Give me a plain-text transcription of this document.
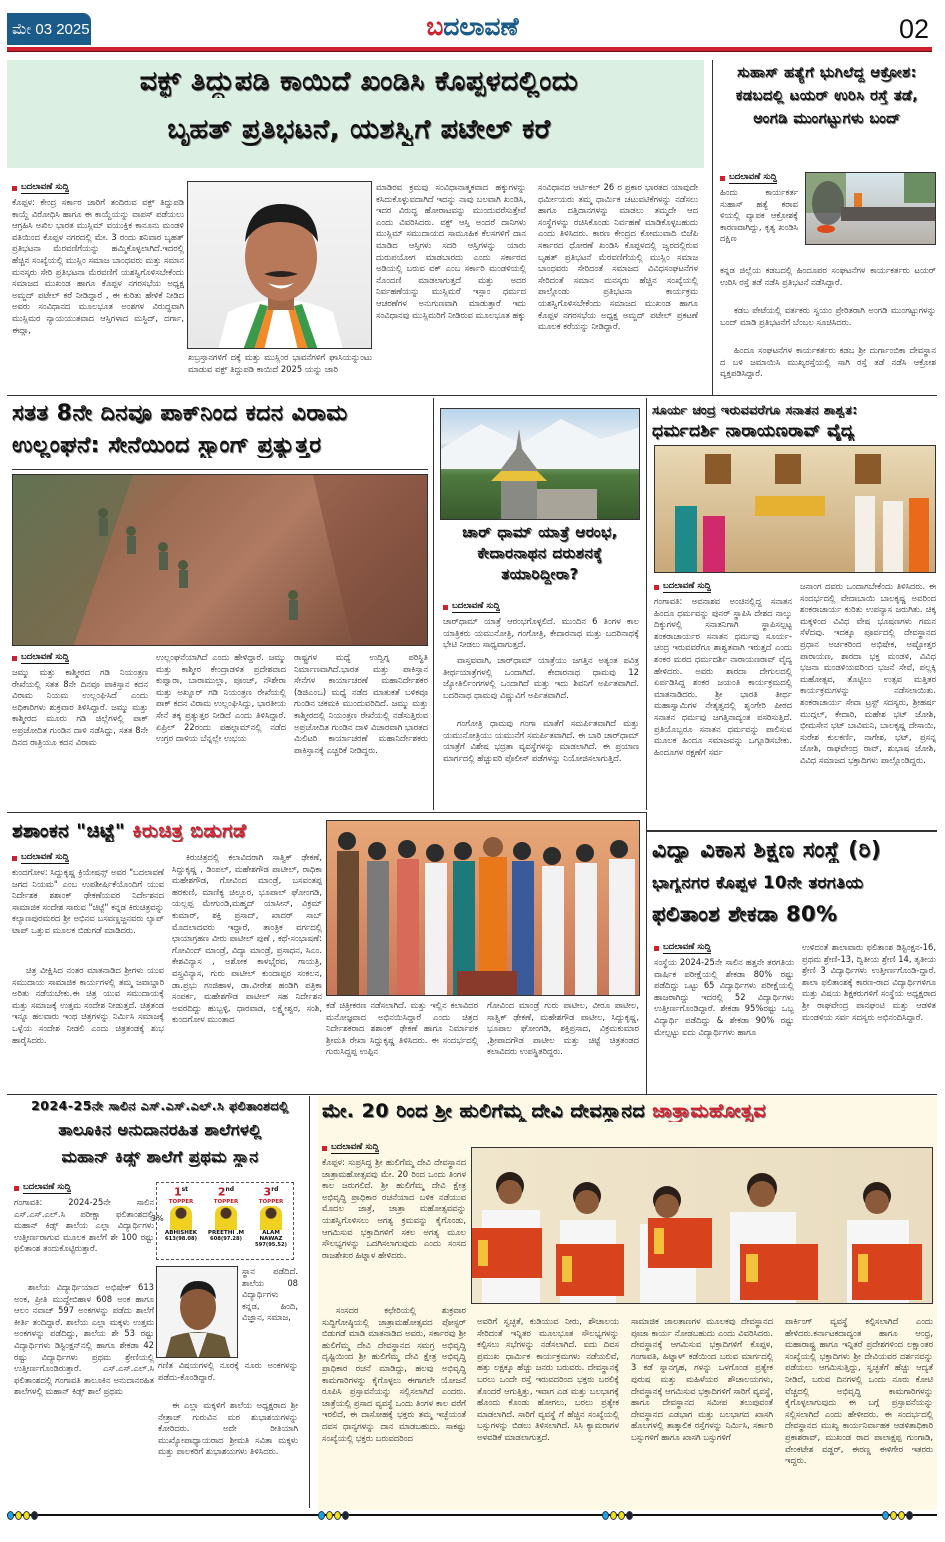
ಮೇ 03 2025	ಬದಲಾವಣೆ	02
ವಕ್ಫ್ ತಿದ್ದುಪಡಿ ಕಾಯಿದೆ ಖಂಡಿಸಿ ಕೊಪ್ಪಳದಲ್ಲಿಂದು
ಬೃಹತ್ ಪ್ರತಿಭಟನೆ, ಯಶಸ್ವಿಗೆ ಪಟೇಲ್ ಕರೆ
ಬದಲಾವಣೆ ಸುದ್ದಿ
ಕೊಪ್ಪಳ: ಕೇಂದ್ರ ಸರ್ಕಾರ ಜಾರಿಗೆ ತಂದಿರುವ ವಕ್ಫ್ ತಿದ್ದುಪಡಿ ಕಾಯ್ದೆ ವಿರೋಧಿಸಿ ಹಾಗೂ ಈ ಕಾಯ್ದೆಯನ್ನು ವಾಪಸ್ ಪಡೆಯಲು ಆಗ್ರಹಿಸಿ ಅಖಿಲ ಭಾರತ ಮುಸ್ಲಿಮ್ ವಯುಕ್ತಿಕ ಕಾನೂನು ಮಂಡಳಿ ವತಿಯಿಂದ ಕೊಪ್ಪಳ ನಗರದಲ್ಲಿ ಮೇ. 3 ರಂದು ಶನಿವಾರ ಬೃಹತ್ ಪ್ರತಿಭಟನಾ ಮೆರವಣಿಗೆಯನ್ನು ಹಮ್ಮಿಕೊಳ್ಳಲಾಗಿದೆ.ಇದರಲ್ಲಿ ಹೆಚ್ಚಿನ ಸಂಖ್ಯೆಯಲ್ಲಿ ಮುಸ್ಲಿಂ ಸಮಾಜ ಬಾಂಧವರು ಮತ್ತು ಸಮಾನ ಮನಸ್ಕರು ಸೇರಿ ಪ್ರತಿಭಟನಾ ಮೆರವಣಿಗೆ ಯಶಸ್ವಿಗೊಳಿಸಬೇಕೆಂದು ಸಮಾಜದ ಮುಖಂಡ ಹಾಗೂ ಕೊಪ್ಪಳ ನಗರಸಭೆಯ ಅಧ್ಯಕ್ಷ ಅಮ್ಜದ್ ಪಟೇಲ್ ಕರೆ ನೀಡಿದ್ದಾರೆ , ಈ ಕುರಿತು ಹೇಳಿಕೆ ನೀಡಿದ ಅವರು ಸಂವಿಧಾನದ ಮೂಲಭೂತ ಅಂಶಗಳ ವಿರುದ್ಧವಾಗಿ ಮುಸ್ಲಿಮರ ನ್ಯಾಯಯುತವಾದ ಆಸ್ತಿಗಳಾದ ಮಸ್ಜಿದ್, ದರ್ಗಾ, ಈದ್ಗಾ,
ಖಬ್ರಸ್ತಾನಗಳಿಗೆ ದಕ್ಕೆ ಮತ್ತು ಮುಸ್ಲಿಂರ ಭಾವನೆಗಳಿಗೆ ಘಾಸಿಯನ್ನುಂಟು ಮಾಡುವ ವಕ್ಫ್ ತಿದ್ದುಪಡಿ ಕಾಯಿದೆ 2025 ಯನ್ನು ಜಾರಿ
ಮಾಡಿರವ ಕ್ರಮವು ಸಂವಿಧಾನಾತ್ಮಕವಾದ ಹಕ್ಕುಗಳನ್ನು ಕಸಿದುಕೊಳ್ಳುವದಾಗಿದೆ ಇದನ್ನು ನಾವು ಬಲವಾಗಿ ಖಂಡಿಸಿ, ಇದರ ವಿರುದ್ಧ ಹೋರಾಟವನ್ನು ಮುಂದುವರೆಸುತ್ತೇವೆ ಎಂದು ವಿವರಿಸಿದರು. ವಕ್ಫ್ ಆಸ್ತಿ ಅಂದರೆ ದಾನಿಗಳು ಮುಸ್ಲಿಮ್ ಸಮುದಾಯದ ಸಾಮೂಹಿಕ ಕೆಲಸಗಳಿಗೆ ದಾನ ಮಾಡಿದ ಆಸ್ತಿಗಳು ಸದರಿ ಆಸ್ತಿಗಳನ್ನು ಯಾರು ದುರುಪಯೋಗ ಮಾಡಬಾರದು ಎಂದು ಸರ್ಕಾರದ ಅಡಿಯಲ್ಲಿ ಬರುವ ವಕ್ ಎಂಬ ಸರ್ಕಾರಿ ಮಂಡಳಿಯಲ್ಲಿ ನೊಂದಣಿ ಮಾಡಲಾಗುತ್ತದೆ ಮತ್ತು ಅದರ ನಿರ್ವಹಣೆಯನ್ನು ಮುಸ್ಲಿಮರೆ ಇಸ್ಲಾಂ ಧರ್ಮದ ಆಚರಣೆಗಳ ಅನುಗುಣವಾಗಿ ಮಾಡುತ್ತಾರೆ ಇದು ಸಂವಿಧಾನವು ಮುಸ್ಲಿಮರಿಗೆ ನೀಡಿರುವ ಮೂಲಭೂತ ಹಕ್ಕು
ಸಂವಿಧಾನದ ಆರ್ಟಿಕಲ್ 26 ರ ಪ್ರಕಾರ ಭಾರತದ ಯಾವುದೇ ಧರ್ಮೀಯರು ತಮ್ಮ ಧಾರ್ಮಿಕ ಚಟುವಟಿಕೆಗಳನ್ನು ನಡೆಸಲು ಹಾಗೂ ದತ್ತಿದಾನಗಳನ್ನು ಮಾಡಲು ತಮ್ಮದೇ ಆದ ಸಂಸ್ಥೆಗಳನ್ನು ರಚಿಸಿಕೊಂಡು ನಿರ್ವಹಣೆ ಮಾಡಿಕೊಳ್ಳಬಹುದು ಎಂದು ತಿಳಿಸಿದರು. ಕಾರಣ ಕೇಂದ್ರದ ಕೋಮುವಾದಿ ಬಿಜೆಪಿ ಸರ್ಕಾರದ ಧೋರಣೆ ಖಂಡಿಸಿ ಕೊಪ್ಪಳದಲ್ಲಿ ಜ್ವರದಲ್ಲಿರುವ ಬೃಹತ್ ಪ್ರತಿಭಟನೆ ಮೆರವಣಿಗೆಯಲ್ಲಿ ಮುಸ್ಲಿಂ ಸಮಾಜ ಬಾಂಧವರು ಸೇರಿದಂತೆ ಸಮಾಜದ ವಿವಿಧಸಂಘಟನೆಗಳ ಸೇರಿದಂತೆ ಸಮಾನ ಮನಸ್ಕರು ಹೆಚ್ಚಿನ ಸಂಖ್ಯೆಯಲ್ಲಿ ಪಾಲ್ಗೊಂಡು ಪ್ರತಿಭಟನಾ ಕಾರ್ಯಕ್ರಮ ಯಶಸ್ವಿಗೊಳಿಸಬೇಕೆಂದು ಸಮಾಜದ ಮುಖಂಡ ಹಾಗೂ ಕೊಪ್ಪಳ ನಗರಸಭೆಯ ಅಧ್ಯಕ್ಷ ಅಮ್ಜದ್ ಪಟೇಲ್ ಪ್ರಕಟಣೆ ಮೂಲಕ ಕರೆಯನ್ನು ನೀಡಿದ್ದಾರೆ.
ಸುಹಾಸ್ ಹತ್ಯೆಗೆ ಭುಗಿಲೆದ್ದ ಆಕ್ರೋಶ: ಕಡಬದಲ್ಲಿ ಟಯರ್ ಉರಿಸಿ ರಸ್ತೆ ತಡೆ, ಅಂಗಡಿ ಮುಂಗಟ್ಟುಗಳು ಬಂದ್
ಬದಲಾವಣೆ ಸುದ್ದಿ
ಹಿಂದು ಕಾರ್ಯಕರ್ತ ಸುಹಾಸ್ ಹತ್ಯೆ ಕರಾವ ಳಿಯಲ್ಲಿ ವ್ಯಾಪಕ ಆಕ್ರೋಶಕ್ಕೆ ಕಾರಣವಾಗಿದ್ದು, ಕೃತ್ಯ ಖಂಡಿಸಿ ದಕ್ಷಿಣ
ಕನ್ನಡ ಜಿಲ್ಲೆಯ ಕಡಬದಲ್ಲಿ ಹಿಂದೂಪರ ಸಂಘಟನೆಗಳ ಕಾರ್ಯಕರ್ತರು ಟಯರ್ ಉರಿಸಿ ರಸ್ತೆ ತಡೆ ನಡೆಸಿ ಪ್ರತಿಭಟನೆ ನಡೆಸಿದ್ದಾರೆ.
ಕಡಬ ಪೇಟೆಯಲ್ಲಿ ವರ್ತಕರು ಸ್ವಯಂ ಪ್ರೇರಿತರಾಗಿ ಅಂಗಡಿ ಮುಂಗಟ್ಟುಗಳನ್ನು ಬಂದ್ ಮಾಡಿ ಪ್ರತಿಭಟನೆಗೆ ಬೆಂಬಲ ಸೂಚಿಸಿದರು.
ಹಿಂದೂ ಸಂಘಟನೆಗಳ ಕಾರ್ಯಕರ್ತರು ಕಡಬ ಶ್ರೀ ದುರ್ಗಾಂಬಿಕಾ ದೇವಸ್ಥಾನ ದ ಬಳಿ ಜಮಾಯಿಸಿ ಮುಖ್ಯರಸ್ತೆಯಲ್ಲಿ ಸಾಗಿ ರಸ್ತೆ ತಡೆ ನಡೆಸಿ ಆಕ್ರೋಶ ವ್ಯಕ್ತಪಡಿಸಿದ್ದಾರೆ.
ಸತತ 8ನೇ ದಿನವೂ ಪಾಕ್‌ನಿಂದ ಕದನ ವಿರಾಮ
ಉಲ್ಲಂಘನೆ: ಸೇನೆಯಿಂದ ಸ್ಟ್ರಾಂಗ್ ಪ್ರತ್ಯುತ್ತರ
ಬದಲಾವಣೆ ಸುದ್ದಿ
ಜಮ್ಮು ಮತ್ತು ಕಾಶ್ಮೀರದ ಗಡಿ ನಿಯಂತ್ರಣ ರೇಖೆಯಲ್ಲಿ ಸತತ 8ನೇ ದಿನವೂ ಪಾಕಿಸ್ತಾನ ಕದನ ವಿರಾಮ ನಿಯಮ ಉಲ್ಲಂಘಿಸಿದೆ ಎಂದು ಅಧಿಕಾರಿಗಳು ಶುಕ್ರವಾರ ತಿಳಿಸಿದ್ದಾರೆ. ಜಮ್ಮು ಮತ್ತು ಕಾಶ್ಮೀರದ ಮೂರು ಗಡಿ ಜಿಲ್ಲೆಗಳಲ್ಲಿ ಪಾಕ್ ಅಪ್ರಚೋದಿತ ಗುಂಡಿನ ದಾಳಿ ನಡೆಸಿದ್ದು, ಸತತ 8ನೇ ದಿನದ ರಾತ್ರಿಯೂ ಕದನ ವಿರಾಮ
ಉಲ್ಲಂಘನೆಯಾಗಿದೆ ಎಂದು ಹೇಳಿದ್ದಾರೆ. ಜಮ್ಮು ಮತ್ತು ಕಾಶ್ಮೀರ ಕೇಂದ್ರಾಡಳಿತ ಪ್ರದೇಶವಾದ ಕುಪ್ವಾರಾ, ಬಾರಾಮುಲ್ಲಾ, ಪೂಂಚ್, ನೌಶೇರಾ ಮತ್ತು ಅಖ್ನೂರ್ ಗಡಿ ನಿಯಂತ್ರಣ ರೇಖೆಯಲ್ಲಿ ಪಾಕ್ ಕದನ ವಿರಾಮ ಉಲ್ಲಂಘಿಸಿದ್ದು, ಭಾರತೀಯ ಸೇನೆ ತಕ್ಕ ಪ್ರತ್ಯುತ್ತರ ನೀಡಿದೆ ಎಂದು ತಿಳಿಸಿದ್ದಾರೆ. ಏಪ್ರಿಲ್ 22ರಂದು ಪಹಲ್ಗಾಮ್‌ನಲ್ಲಿ ನಡೆದ ಉಗ್ರರ ದಾಳಿಯ ಬೆನ್ನಲ್ಲೇ ಉಭಯ
ರಾಷ್ಟ್ರಗಳ ಮಧ್ಯೆ ಉದ್ವಿಗ್ನ ಪರಿಸ್ಥಿತಿ ನಿರ್ಮಾಣವಾಗಿದೆ.ಭಾರತ ಮತ್ತು ಪಾಕಿಸ್ತಾನ ಸೇನೆಗಳ ಕಾರ್ಯಾಚರಣೆ ಮಹಾನಿರ್ದೇಶಕರ (ಡಿಜಿಎಂಒ) ಮಧ್ಯೆ ನಡೆದ ಮಾತುಕತೆ ಬಳಿಕವೂ ಗುಂಡಿನ ಚಕಮಕಿ ಮುಂದುವರಿದಿದೆ. ಜಮ್ಮು ಮತ್ತು ಕಾಶ್ಮೀರದಲ್ಲಿ ನಿಯಂತ್ರಣ ರೇಖೆಯಲ್ಲಿ ನಡೆಸುತ್ತಿರುವ ಅಪ್ರಚೋದಿತ ಗುಂಡಿನ ದಾಳಿ ವಿಚಾರವಾಗಿ ಭಾರತದ ಮಿಲಿಟರಿ ಕಾರ್ಯಾಚರಣೆ ಮಹಾನಿರ್ದೇಶಕರು ಪಾಕಿಸ್ತಾನಕ್ಕೆ ಎಚ್ಚರಿಕೆ ನೀಡಿದ್ದರು.
ಚಾರ್ ಧಾಮ್ ಯಾತ್ರೆ ಆರಂಭ, ಕೇದಾರನಾಥನ ದರುಶನಕ್ಕೆ ತಯಾರಿದ್ದೀರಾ?
ಬದಲಾವಣೆ ಸುದ್ದಿ
ಚಾರ್‌ಧಾಮ್ ಯಾತ್ರೆ ಆರಂಭಗೊಳ್ಳಲಿದೆ. ಮುಂದಿನ 6 ತಿಂಗಳ ಕಾಲ ಯಾತ್ರಿಕರು ಯಮುನೋತ್ರಿ, ಗಂಗೋತ್ರಿ, ಕೇದಾರನಾಥ ಮತ್ತು ಬದರಿನಾಥಕ್ಕೆ ಭೇಟಿ ನೀಡಲು ಸಾಧ್ಯವಾಗುತ್ತದೆ.
ವಾಸ್ತವವಾಗಿ, ಚಾರ್‌ಧಾಮ್ ಯಾತ್ರೆಯು ಜಗತ್ತಿನ ಅತ್ಯಂತ ಪವಿತ್ರ ತೀರ್ಥಯಾತ್ರೆಗಳಲ್ಲಿ ಒಂದಾಗಿದೆ. ಕೇದಾರನಾಥ ಧಾಮವು 12 ಜ್ಯೋತಿರ್ಲಿಂಗಗಳಲ್ಲಿ ಒಂದಾಗಿದೆ ಮತ್ತು ಇದು ಶಿವನಿಗೆ ಅರ್ಪಿತವಾಗಿದೆ. ಬದರಿನಾಥ ಧಾಮವು ವಿಷ್ಣುವಿಗೆ ಅರ್ಪಿತವಾಗಿದೆ.
ಗಂಗೋತ್ರಿ ಧಾಮವು ಗಂಗಾ ಮಾತೆಗೆ ಸಮರ್ಪಿತವಾಗಿದೆ ಮತ್ತು ಯಮುನೋತ್ರಿಯು ಯಮುನೆಗೆ ಸಮರ್ಪಿತವಾಗಿದೆ. ಈ ಬಾರಿ ಚಾರ್‌ಧಾಮ್ ಯಾತ್ರೆಗೆ ವಿಶೇಷ ಭದ್ರತಾ ವ್ಯವಸ್ಥೆಗಳನ್ನು ಮಾಡಲಾಗಿದೆ. ಈ ಪ್ರಯಾಣ ಮಾರ್ಗದಲ್ಲಿ ಹೆಚ್ಚುವರಿ ಪೊಲೀಸ್ ಪಡೆಗಳನ್ನು ನಿಯೋಜಿಸಲಾಗುತ್ತಿದೆ.
ಸೂರ್ಯ ಚಂದ್ರ ಇರುವವರೆಗೂ ಸನಾತನ ಶಾಶ್ವತ:
ಧರ್ಮದರ್ಶಿ ನಾರಾಯಣರಾವ್ ವೈದ್ಯ
ಬದಲಾವಣೆ ಸುದ್ದಿ
ಗಂಗಾವತಿ: ಅವನಾಶವ ಅಂಚಿನಲ್ಲಿದ್ದ ಸನಾತನ ಹಿಂದೂ ಧರ್ಮವನ್ನು ಪುನರ್ ಸ್ಥಾಪಿಸಿ ದೇಶದ ನಾಲ್ಕು ದಿಕ್ಕುಗಳಲ್ಲಿ ಸನಾತನಿಗಾಗಿ ಸ್ಥಾಪಿಸಲ್ಪಟ್ಟ ಶಂಕರಾಚಾರ್ಯರ ಸನಾತನ ಧರ್ಮವು ಸೂರ್ಯ-ಚಂದ್ರ ಇರುವವರೆಗೂ ಶಾಶ್ವತವಾಗಿ ಇರುತ್ತದೆ ಎಂದು ಶಂಕರ ಮಠದ ಧರ್ಮದರ್ಶಿ ನಾರಾಯಣರಾವ್ ವೈದ್ಯ ಹೇಳಿದರು. ಅವರು ಶಾರದಾ ದೇಗುಲದಲ್ಲಿ ಏರ್ಪಡಿಸಿದ್ದ ಶಂಕರ ಜಯಂತಿ ಕಾರ್ಯಕ್ರಮದಲ್ಲಿ ಮಾತನಾಡಿದರು. ಶ್ರೀ ಭಾರತಿ ತೀರ್ಥ ಮಹಾಸ್ವಾಮಿಗಳ ನೇತೃತ್ವದಲ್ಲಿ ಶೃಂಗೇರಿ ಪೀಠದ ಸನಾತನ ಧರ್ಮವು ಜಗತ್ತಿನಾದ್ಯಂತ ಪಸರಿಸುತ್ತಿದೆ. ಪ್ರತಿಯೊಬ್ಬರೂ ಸನಾತನ ಧರ್ಮವನ್ನು ಪಾಲಿಸುವ ಮೂಲಕ ಹಿಂದೂ ಸಮಾಜವನ್ನು ಒಗ್ಗೂಡಿಸಬೇಕು. ಹಿಂದೂಗಳ ರಕ್ಷಣೆಗೆ ಸರ್ವ
ಜನಾಂಗ ದವರು ಒಂದಾಗಬೇಕೆಂದು ತಿಳಿಸಿದರು. ಈ ಸಂದರ್ಭದಲ್ಲಿ ವೇದಾಬಾಯಿ ಬಾಲಕೃಷ್ಣ ಅವರಿಂದ ಶಂಕರಾಚಾರ್ಯ ಕುರಿತು ಉಪನ್ಯಾಸ ಜರುಗಿತು. ಚಿಕ್ಕ ಮಕ್ಕಳಿಂದ ವಿವಿಧ ವೇಷ ಭೂಷಣಗಳು ಗಮನ ಸೆಳೆದವು. ಇದಕ್ಕೂ ಪೂರ್ವದಲ್ಲಿ ದೇವಸ್ಥಾನದ ಪ್ರಧಾನ ಅರ್ಚಕರಿಂದ ಅಭಿಷೇಕ, ಅಷ್ಟೋತ್ತರ ಪಾರಾಯಣ, ಶಾರದಾ ಭಕ್ತ ಮಂಡಳಿ, ವಿವಿಧ ಭಜನಾ ಮಂಡಳಿಯವರಿಂದ ಭಜನೆ ಸೇವೆ, ಪಲ್ಲಕ್ಕಿ ಮಹೋತ್ಸವ, ತೊಟ್ಟಿಲು ಉತ್ಸವ ಮತ್ತಿತರ ಕಾರ್ಯಕ್ರಮಗಳನ್ನು ನಡೆಸಲಾಯಿತು. ಶಂಕರಾಚಾರ್ಯ ಸೇವಾ ಟ್ರಸ್ಟ್ ಸದಸ್ಯರು, ಶ್ರೀಹರ್ಷ ಮುದ್ಗಲ್, ಕೇದಾರಿ, ಮಹೇಶ ಭಟ್ ಜೋಶಿ, ಭೀಮಸೇನ ಭಟ್ ಬಾವಿಮನಿ, ಬಾಲಕೃಷ್ಣ ದೇಸಾಯಿ, ಸುರೇಶ ಕುಲಕರ್ಣಿ, ನಾಗೇಶ, ಭಟ್, ಪ್ರಸನ್ನ ಜೋಶಿ, ರಾಘವೇಂದ್ರ ರಾವ್, ಶುಭಾಷ ಜೋಶಿ, ವಿವಿಧ ಸಮಾಜದ ಭಕ್ತಾದಿಗಳು ಪಾಲ್ಗೊಂಡಿದ್ದರು.
ಶಶಾಂಕನ "ಚಿಟ್ಟೆ" ಕಿರುಚಿತ್ರ ಬಿಡುಗಡೆ
ಬದಲಾವಣೆ ಸುದ್ದಿ
ಕುಂದಗೋಳ: ಸಿದ್ದುಕೃಷ್ಣ ಕ್ರಿಯೇಷನ್ಸ್ ಅವರ "ಬದಲಾವಣೆ ಜಗದ ನಿಯಮ" ಎಂಬ ಉಪಶೀರ್ಷಿಕೆಯೊಂದಿಗೆ ಯುವ ನಿರ್ದೇಶಕ ಶಶಾಂಕ್ ಢೇಕಣೆಯವರ ನಿರ್ದೇಶನದ ಸಾಮಾಜಿಕ ಸಂದೇಶ ಸಾರುವ "ಚಿಟ್ಟೆ" ಕನ್ನಡ ಕಿರುಚಿತ್ರವನ್ನು ಕಲ್ಯಾಣಪುರಮಠದ ಶ್ರೀ ಅಭಿನವ ಬಸವಣ್ಣಜ್ಜನವರು ಲ್ಯಾಪ್ ಟಾಪ್ ಒತ್ತುವ ಮೂಲಕ ಬಿಡುಗಡೆ ಮಾಡಿದರು.
ಚಿತ್ರ ವೀಕ್ಷಿಸಿದ ನಂತರ ಮಾತನಾಡಿದ ಶ್ರೀಗಳು ಯುವ ಸಮುದಾಯ ಸಾಮಾಜಿಕ ಕಾರ್ಯಗಳಲ್ಲಿ ತಮ್ಮ ಜವಾಬ್ದಾರಿ ಅರಿತು ನಡೆಯಬೇಕು.ಈ ಚಿತ್ರ ಯುವ ಸಮುದಾಯಕ್ಕೆ ಮತ್ತು ಸಮಾಜಕ್ಕೆ ಉತ್ತಮ ಸಂದೇಶ ನೀಡುತ್ತದೆ. ಚಿತ್ರತಂಡ ಇನ್ನೂ ಹಲವಾರು ಇಂಥ ಚಿತ್ರಗಳನ್ನು ನಿರ್ಮಿಸಿ ಸಮಾಜಕ್ಕೆ ಒಳ್ಳೆಯ ಸಂದೇಶ ನೀಡಲಿ ಎಂದು ಚಿತ್ರತಂಡಕ್ಕೆ ಶುಭ ಹಾರೈಸಿದರು.
ಕಿರುಚಿತ್ರದಲ್ಲಿ ಕಲಾವಿದರಾಗಿ ಸಾತ್ವಿಕ್ ಢೇಕಣೆ, ಸಿದ್ದುಕೃಷ್ಣ , ಡಿಂಪಲ್, ಮಹೇಶಗೌಡ ಪಾಟೀಲ್, ರಾಧಿಕಾ ಮಹೇಶಗೌಡ, ಗೋವಿಂದ ಮಾಂಡ್ರೆ, ಬಸವಂತಪ್ಪ ಹರಕುಣಿ, ಮಾಣಿಕ್ಯ ಚಿಲ್ಲೂರ, ಭೂಪಾಲ್ ಘೋಂಗಡಿ, ಯಲ್ಲಪ್ಪ ಮೇಗುಂಡಿ,ಮಹ್ಮದ್ ಯಾಸೀನ್, ವಿಕ್ರಮ್ ಕುಮಾರ್, ಶಕ್ತಿ ಪ್ರಸಾದ್, ಖಾದರ್ ಸಾಬ್ ಮೊದಲಾದವರು ಇದ್ದಾರೆ, ತಾಂತ್ರಿಕ ವರ್ಗದಲ್ಲಿ ಛಾಯಾಗ್ರಹಣ ವೀರು ಪಾಟೀಲ್ ಪುಣೆ , ಕಥೆ-ಸಂಭಾಷಣೆ: ಗೋವಿಂದ್ ಮಾಂಡ್ರೆ, ವಿದ್ಯಾ ಮಾಂಡ್ರೆ, ಪ್ರಸಾಧನ, ಸಿಎಂ. ಕೇಶವಿನ್ಯಾಸ , ಅಶೋಕ ಕಾಳಭೈರವ, ಗಾಯತ್ರಿ, ವಸ್ತ್ರವಿನ್ಯಾಸ, ಗುರು ಪಾಟೀಲ್ ಕುಂದಾಪ್ಪರ ಸಂಕಲನ, ಡಾ.ಪ್ರಭು ಗಂಜಿಹಾಳ, ಡಾ.ವೀರೇಶ ಹಂಡಿಗಿ ಪತ್ರಿಕಾ ಸಂಪರ್ಕ, ಮಹೇಶಗೌಡ ಪಾಟೀಲ್ ಸಹ ನಿರ್ದೇಶನ ಅವರದಿದ್ದು ಹುಬ್ಬಳ್ಳಿ, ಧಾರವಾಡ, ಲಕ್ಷ್ಮೇಶ್ವರ, ಸಂಶಿ, ಕುಂದಗೋಳ ಮುಂತಾದ
ಕಡೆ ಚಿತ್ರೀಕರಣ ನಡೆಸಲಾಗಿದೆ. ಮತ್ತು ಇಲ್ಲಿನ ಕಲಾವಿದರ ಮನೋಜ್ಞವಾದ ಅಭಿನಯಿಸಿದ್ದಾರೆ ಎಂದು ಚಿತ್ರದ ನಿರ್ದೇಶಕರಾದ ಶಶಾಂಕ್ ಢೇಕಣೆ ಹಾಗೂ ನಿರ್ಮಾಪಕ ಶ್ರೀಮತಿ ರೇಖಾ ಸಿದ್ದುಕೃಷ್ಣ ತಿಳಿಸಿದರು. ಈ ಸಂದರ್ಭದಲ್ಲಿ ಗುರುಸಿದ್ದಪ್ಪ ಉಪ್ಪಿನ
ಗೋವಿಂದ ಮಾಂಡ್ರೆ ಗುರು ಪಾಟೀಲ, ವೀರೂ ಪಾಟೀಲ, ಸಾತ್ವಿಕ್ ಢೇಕಣೆ, ಮಹೇಶಗೌಡ ಪಾಟೀಲ, ಸಿದ್ದುಕೃಷ್ಣ, ಭೂಪಾಲ ಘೋಂಗಡಿ, ಶಕ್ತಿಪ್ರಸಾದ, ವಿಕ್ರಮಕುಮಾರ ,ಶ್ರೀಪಾದಗೌಡ ಪಾಟೀಲ ಮತ್ತು ಚಿಟ್ಟೆ ಚಿತ್ರತಂಡದ ಕಲಾವಿದರು ಉಪಸ್ಥಿತರಿದ್ದರು.
ವಿದ್ಯಾ ವಿಕಾಸ ಶಿಕ್ಷಣ ಸಂಸ್ಥೆ (ರಿ)
ಭಾಗ್ಯನಗರ ಕೊಪ್ಪಳ 10ನೇ ತರಗತಿಯ
ಫಲಿತಾಂಶ ಶೇಕಡಾ 80%
ಬದಲಾವಣೆ ಸುದ್ದಿ
ಸಂಸ್ಥೆಯ 2024-25ನೇ ಸಾಲಿನ ಹತ್ತನೇ ತರಗತಿಯ ವಾರ್ಷಿಕ ಪರೀಕ್ಷೆಯಲ್ಲಿ ಶೇಕಡಾ 80% ರಷ್ಟು ಪಡೆದಿದ್ದು ಒಟ್ಟು 65 ವಿದ್ಯಾರ್ಥಿಗಳು ಪರೀಕ್ಷೆಯಲ್ಲಿ ಹಾಜರಾಗಿದ್ದು ಇದರಲ್ಲಿ 52 ವಿದ್ಯಾರ್ಥಿಗಳು ಉತ್ತೀರ್ಣಗೊಂಡಿದ್ದಾರೆ. ಶೇಕಡಾ 95%ರಷ್ಟು ಒಬ್ಬ ವಿದ್ಯಾರ್ಥಿ ಪಡೆದಿದ್ದು & ಶೇಕಡಾ 90% ರಷ್ಟು ಮೇಲ್ಪಟ್ಟು ಐದು ವಿದ್ಯಾರ್ಥಿಗಳು ಹಾಗೂ
ಉಳಿದಂತೆ ಶಾಲಾವಾರು ಫಲಿತಾಂಶ ಡಿಸ್ಟಿಂಕ್ಷನ-16, ಪ್ರಥಮ ಶ್ರೇಣಿ-13, ದ್ವಿತೀಯ ಶ್ರೇಣಿ 14, ತೃತೀಯ ಶ್ರೇಣಿ 3 ವಿದ್ಯಾರ್ಥಿಗಳು ಉತ್ತೀರ್ಣಗೊಂಡಿ-ದ್ದಾರೆ. ಶಾಲಾ ಫಲಿತಾಂಶಕ್ಕೆ ಕಾರಣ-ರಾದ ವಿದ್ಯಾರ್ಥಿಗಳಿಗೂ ಮತ್ತು ವಿಷಯ ಶಿಕ್ಷಕರುಗಳಿಗೆ ಸಂಸ್ಥೆಯ ಅಧ್ಯಕ್ಷರಾದ ಶ್ರೀ ರಾಘವೇಂದ್ರ ಪಾನಘಂಟಿ ಮತ್ತು ಆಡಳಿತ ಮಂಡಳಿಯ ಸರ್ವ ಸದಸ್ಯರು ಅಭಿನಂದಿಸಿದ್ದಾರೆ.
2024-25ನೇ ಸಾಲಿನ ಎಸ್.ಎಸ್.ಎಲ್.ಸಿ ಫಲಿತಾಂಶದಲ್ಲಿ
ತಾಲೂಕಿನ ಅನುದಾನರಹಿತ ಶಾಲೆಗಳಲ್ಲಿ
ಮಹಾನ್ ಕಿಡ್ಸ್ ಶಾಲೆಗೆ ಪ್ರಥಮ ಸ್ಥಾನ
ಬದಲಾವಣೆ ಸುದ್ದಿ
ಗಂಗಾವತಿ: 2024-25ನೇ ಸಾಲಿನ ಎಸ್.ಎಸ್.ಎಲ್.ಸಿ ಪರೀಕ್ಷಾ ಫಲಿತಾಂಶದಲ್ಲಿ ಮಹಾನ್ ಕಿಡ್ಸ್ ಶಾಲೆಯ ಎಲ್ಲಾ ವಿದ್ಯಾರ್ಥಿಗಳು ಉತ್ತೀರ್ಣರಾಗುವ ಮೂಲಕ ಶಾಲೆಗೆ ಶೇ 100 ರಷ್ಟು ಫಲಿತಾಂಶ ತಂದುಕೊಟ್ಟಿರುತ್ತಾರೆ.
ಶಾಲೆಯ ವಿದ್ಯಾರ್ಥಿಯಾದ ಅಭಿಷೇಕ್ 613 ಅಂಕ, ಪ್ರೀತಿ ಮುದ್ದೇಬಿಹಾಳ 608 ಅಂಕ ಹಾಗೂ ಆಲಂ ನವಾಜ್ 597 ಅಂಕಗಳನ್ನು ಪಡೆದು ಶಾಲೆಗೆ ಕೀರ್ತಿ ತಂದಿದ್ದಾರೆ. ಶಾಲೆಯ ಎಲ್ಲಾ ಮಕ್ಕಳು ಉತ್ತಮ ಅಂಕಗಳನ್ನು ಪಡೆದಿದ್ದು, ಶಾಲೆಯ ಶೇ 53 ರಷ್ಟು ವಿದ್ಯಾರ್ಥಿಗಳು ಡಿಸ್ಟಿಂಕ್ಷನ್‌ನಲ್ಲಿ ಹಾಗೂ ಶೇಕಡಾ 42 ರಷ್ಟು ವಿದ್ಯಾರ್ಥಿಗಳು ಪ್ರಥಮ ಶ್ರೇಣಿಯಲ್ಲಿ ಉತ್ತೀರ್ಣಗೊಂಡಿರುತ್ತಾರೆ. ಎಸ್.ಎಸ್.ಎಲ್.ಸಿ ಫಲಿತಾಂಶದಲ್ಲಿ ಗಂಗಾವತಿ ತಾಲೂಕಿನ ಅನುದಾನರಹಿತ ಶಾಲೆಗಳಲ್ಲಿ ಮಹಾನ್ ಕಿಡ್ಸ್ ಶಾಲೆ ಪ್ರಥಮ
3%
1st
TOPPER
ABHISHEK
613(98.08)
2nd
TOPPER
PREETHI .M
608(97.28)
3rd
TOPPER
ALAM NAWAZ
597(95.52)
ಸ್ಥಾನ ಪಡೆದಿದೆ. ಶಾಲೆಯ 08 ವಿದ್ಯಾರ್ಥಿಗಳು ಕನ್ನಡ, ಹಿಂದಿ, ವಿಜ್ಞಾನ, ಸಮಾಜ,
ಗಣಿತ ವಿಷಯಗಳಲ್ಲಿ ನೂರಕ್ಕೆ ನೂರು ಅಂಕಗಳನ್ನು ಪಡೆದು-ಕೊಂಡಿದ್ದಾರೆ.
ಈ ಎಲ್ಲಾ ಮಕ್ಕಳಿಗೆ ಶಾಲೆಯ ಅಧ್ಯಕ್ಷರಾದ ಶ್ರೀ ನೇತ್ರಾಜ್ ಗುರುವಿನ ಮಠ ಶುಭಾಶಯಗಳನ್ನು ಕೋರಿದರು. ಅದೇ ರೀತಿಯಾಗಿ ಮುಖ್ಯೋಪಾಧ್ಯಾಯರಾದ ಶ್ರೀಮತಿ ಸವಿತಾ ಮಕ್ಕಳು ಮತ್ತು ಪಾಲಕರಿಗೆ ಶುಭಾಶಯಗಳು ತಿಳಿಸಿದರು.
ಮೇ. 20 ರಿಂದ ಶ್ರೀ ಹುಲಿಗೆಮ್ಮ ದೇವಿ ದೇವಸ್ಥಾನದ ಜಾತ್ರಾಮಹೋತ್ಸವ
ಬದಲಾವಣೆ ಸುದ್ದಿ
ಕೊಪ್ಪಳ: ಸುಪ್ರಸಿದ್ಧ ಶ್ರೀ ಹುಲಿಗೆಮ್ಮ ದೇವಿ ದೇವಸ್ಥಾನದ ಜಾತ್ರಾಮಹೋತ್ಸವವು ಮೇ. 20 ರಿಂದ ಒಂದು ತಿಂಗಳ ಕಾಲ ಜರುಗಲಿದೆ. ಶ್ರೀ ಹುಲಿಗೆಮ್ಮ ದೇವಿ ಕ್ಷೇತ್ರ ಅಭಿವೃದ್ಧಿ ಪ್ರಾಧಿಕಾರ ರಚನೆಯಾದ ಬಳಿಕ ನಡೆಯುವ ಮೊದಲ ಜಾತ್ರೆ, ಜಾತ್ರಾ ಮಹೋತ್ಸವವನ್ನು ಯಶಸ್ವಿಗೊಳಿಸಲು ಅಗತ್ಯ ಕ್ರಮವನ್ನು ಕೈಗೊಂಡು, ಆಗಮಿಸುವ ಭಕ್ತಾದಿಗಳಿಗೆ ಸಕಲ ಅಗತ್ಯ ಮೂಲ ಸೌಲಭ್ಯಗಳನ್ನು ಒದಗಿಸಲಾಗುವುದು ಎಂದು ಸಂಸದ ರಾಜಶೇಖರ ಹಿಟ್ನಾಳ ಹೇಳಿದರು.
ಸಂಸದರ ಕಛೇರಿಯಲ್ಲಿ ಶುಕ್ರವಾರ ಸುದ್ದಿಗೋಷ್ಠಿಯಲ್ಲಿ ಜಾತ್ರಾಮಹೋತ್ಸವದ ಪೋಸ್ಟರ್ ಬಿಡುಗಡೆ ಮಾಡಿ ಮಾತನಾಡಿದ ಅವರು, ಸರ್ಕಾರವು ಶ್ರೀ ಹುಲಿಗೆಮ್ಮ ದೇವಿ ದೇವಸ್ಥಾನದ ಸಮಗ್ರ ಅಭಿವೃದ್ಧಿ ದೃಷ್ಟಿಯಿಂದ ಶ್ರೀ ಹುಲಿಗೆಮ್ಮ ದೇವಿ ಕ್ಷೇತ್ರ ಅಭಿವೃದ್ಧಿ ಪ್ರಾಧಿಕಾರ ರಚನೆ ಮಾಡಿದ್ದು, ಹಲವು ಅಭಿವೃದ್ಧಿ ಕಾಮಗಾರಿಗಳನ್ನು ಕೈಗೊಳ್ಳಲು ಈಗಾಗಲೇ ಯೋಜನೆ ರೂಪಿಸಿ ಪ್ರಸ್ತಾವನೆಯನ್ನು ಸಲ್ಲಿಸಲಾಗಿದೆ ಎಂದರು. ಜಾತ್ರೆಯಲ್ಲಿ ಪ್ರಸಾದ ವ್ಯವಸ್ಥೆ ಒಂದು ತಿಂಗಳ ಕಾಲ ವರೆಗೆ ಇರಲಿದೆ, ಈ ದಾಸೋಹಕ್ಕೆ ಭಕ್ತರು ತಮ್ಮ ಇಚ್ಛೆಯಂತೆ ದವಸ ಧಾನ್ಯಗಳನ್ನು ದಾನ ಮಾಡಬಹುದು. ಸಾಕಷ್ಟು ಸಂಖ್ಯೆಯಲ್ಲಿ ಭಕ್ತರು ಬರುವದರಿಂದ
ಅವರಿಗೆ ಸ್ವಚ್ಛತೆ, ಕುಡಿಯುವ ನೀರು, ಶೌಚಾಲಯ ಸೇರಿದಂತೆ ಇನ್ನಿತರ ಮೂಲಭೂತ ಸೌಲಭ್ಯಗಳನ್ನು ಕಲ್ಪಿಸಲು ಸಭೆಗಳನ್ನು ನಡೆಸಲಾಗಿದೆ. ಐದು ದಿವಸ ಪ್ರಮುಖ ಧಾರ್ಮಿಕ ಕಾರ್ಯಕ್ರಮಗಳು ನಡೆಯಲಿವೆ, ಹತ್ತು ಲಕ್ಷಕ್ಕೂ ಹೆಚ್ಚು ಜನರು ಬರುವರು. ದೇವಸ್ಥಾನಕ್ಕೆ ಬರಲು ಒಂದೇ ರಸ್ತೆ ಇರುವದರಿಂದ ಭಕ್ತರು ಬರಲಿಕ್ಕೆ ತೊಂದರೆ ಆಗುತ್ತಿತ್ತು, ಇವಾಗ ಎಡ ಮತ್ತು ಬಲಭಾಗಕ್ಕೆ ಹೊಂದು ಕೊಂಡು ಹೋಗಲು, ಬರಲು ಪ್ರತ್ಯೇಕ ಮಾಡಲಾಗಿದೆ. ಸಾರಿಗೆ ವ್ಯವಸ್ಥೆ ಗೆ ಹೆಚ್ಚಿನ ಸಂಖ್ಯೆಯಲ್ಲಿ ಬಸ್ಸುಗಳನ್ನು ಬಿಡಲು ತಿಳಿಸಲಾಗಿದೆ. ಸಿಸಿ ಕ್ಯಾಮರಾಗಳ ಅಳವಡಿಕೆ ಮಾಡಲಾಗುತ್ತದೆ.
ಸಾಮಾಜಿಕ ಜಾಲತಾಣಗಳ ಮೂಲಕವು ದೇವಸ್ಥಾನದ ಪೂಜಾ ಕಾರ್ಯ ನೋಡಬಹುದು ಎಂದು ವಿವರಿಸಿದರು. ದೇವಸ್ಥಾನಕ್ಕೆ ಆಗಮಿಸುವ ಭಕ್ತಾದಿಗಳಿಗೆ ಕೊಪ್ಪಳ, ಗಂಗಾವತಿ, ಹಿಟ್ನಾಳ್ ಕಡೆಯಿಂದ ಬರುವ ಮಾರ್ಗದಲ್ಲಿ 3 ಕಡೆ ಸ್ನಾನಗೃಹ, ಗಳನ್ನು ಒಳಗೊಂಡ ಪ್ರತ್ಯೇಕ ಪುರುಷ ಮತ್ತು ಮಹಿಳೆಯರ ಶೌಚಾಲಯಗಳು, ದೇವಸ್ಥಾನಕ್ಕೆ ಆಗಮಿಸುವ ಭಕ್ತಾದಿಗಳಿಗೆ ಸಾರಿಗೆ ವ್ಯವಸ್ಥೆ, ಹಾಗೂ ದೇವಸ್ಥಾನದ ಸಮೀಪ ತಲುಪುವಂತೆ ದೇವಸ್ಥಾನದ ಎಡಭಾಗ ಮತ್ತು ಬಲಭಾಗದ ಖಾಸಗಿ ಹೊಲಗಳಲ್ಲಿ ತಾತ್ಕಾಲಿಕ ರಸ್ತೆಗಳನ್ನು ನಿರ್ಮಿಸಿ, ಸರ್ಕಾರಿ ಬಸ್ಸುಗಳಿಗೆ ಹಾಗೂ ಖಾಸಗಿ ಬಸ್ಸುಗಳಿಗೆ
ಪಾರ್ಕಿಂಗ್ ವ್ಯವಸ್ಥೆ ಕಲ್ಪಿಸಲಾಗಿದೆ ಎಂದು ಹೇಳಿದರು.ಕರ್ನಾಟಕದಾದ್ಯಂತ ಹಾಗೂ ಆಂಧ್ರ, ಮಹಾರಾಷ್ಟ್ರ ಹಾಗೂ ಇನ್ನಿತರೆ ಪ್ರದೇಶಗಳಿಂದ ಲಕ್ಷಾಂತರ ಸಂಖ್ಯೆಯಲ್ಲಿ ಭಕ್ತಾದಿಗಳು ಶ್ರೀ ದೇವಿಯವರ ದರ್ಶನವನ್ನು ಪಡೆಯಲು ಆಗಮಿಸುತ್ತಿದ್ದು, ಸ್ವಚ್ಛತೆಗೆ ಹೆಚ್ಚು ಆದ್ಯತೆ ನೀಡಿದೆ, ಬರುವ ದಿನಗಳಲ್ಲಿ ಒಂದು ನೂರು ಕೋಟಿ ವೆಚ್ಚದಲ್ಲಿ ಅಭಿವೃದ್ಧಿ ಕಾಮಗಾರಿಗಳನ್ನು ಕೈಗೊಳ್ಳಲಾಗುವುದು ಈ ಬಗ್ಗೆ ಪ್ರಸ್ತಾವನೆಯನ್ನು ಸಲ್ಲಿಸಲಾಗಿದೆ ಎಂದು ಹೇಳೀದರು. ಈ ಸಂದರ್ಭದಲ್ಲಿ ದೇವಸ್ಥಾನದ ಮುಖ್ಯ ಕಾರ್ಯನಿರ್ವಾಹಕ ಆಡಳಿತಾಧಿಕಾರಿ ಪ್ರಕಾಶರಾವ್, ಮುಖಂಡ ರಾದ ಪಾಲಾಕ್ಷಪ್ಪ ಗುಂಗಾಡಿ, ವೇಂಕಟೇಶ ವಡ್ಡರ್, ಈರಣ್ಣ ಈಳಿಗೇರ ಇತರರು ಇದ್ದರು.
